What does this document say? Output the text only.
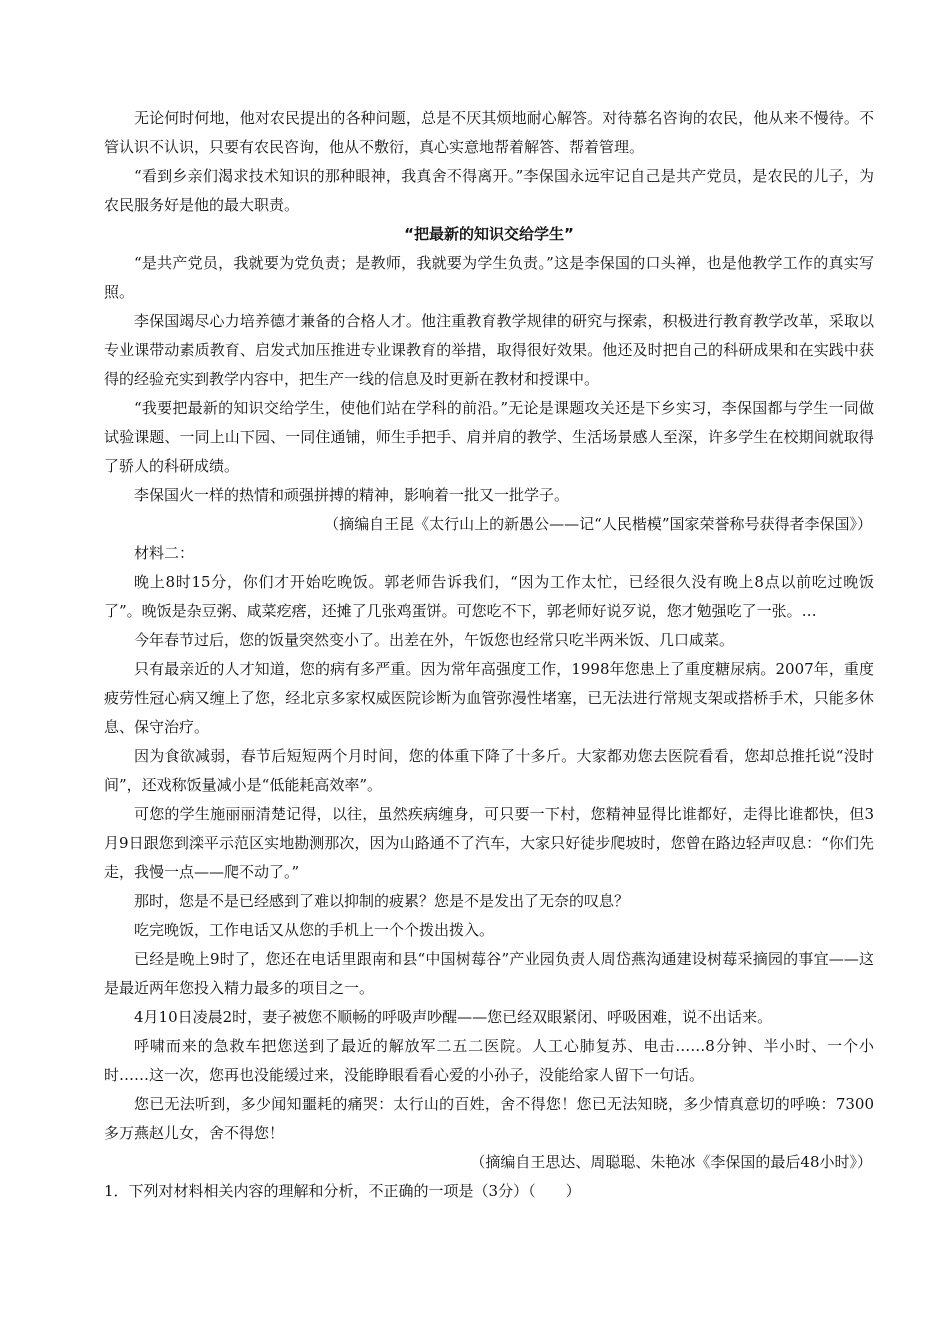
无论何时何地，他对农民提出的各种问题，总是不厌其烦地耐心解答。对待慕名咨询的农民，他从来不慢待。不管认识不认识，只要有农民咨询，他从不敷衍，真心实意地帮着解答、帮着管理。

“看到乡亲们渴求技术知识的那种眼神，我真舍不得离开。”李保国永远牢记自己是共产党员，是农民的儿子，为农民服务好是他的最大职责。

“把最新的知识交给学生”

“是共产党员，我就要为党负责；是教师，我就要为学生负责。”这是李保国的口头禅，也是他教学工作的真实写照。

李保国竭尽心力培养德才兼备的合格人才。他注重教育教学规律的研究与探索，积极进行教育教学改革，采取以专业课带动素质教育、启发式加压推进专业课教育的举措，取得很好效果。他还及时把自己的科研成果和在实践中获得的经验充实到教学内容中，把生产一线的信息及时更新在教材和授课中。

“我要把最新的知识交给学生，使他们站在学科的前沿。”无论是课题攻关还是下乡实习，李保国都与学生一同做试验课题、一同上山下园、一同住通铺，师生手把手、肩并肩的教学、生活场景感人至深，许多学生在校期间就取得了骄人的科研成绩。

李保国火一样的热情和顽强拼搏的精神，影响着一批又一批学子。

（摘编自王昆《太行山上的新愚公——记“人民楷模”国家荣誉称号获得者李保国》）

材料二：

晚上8时15分，你们才开始吃晚饭。郭老师告诉我们，“因为工作太忙，已经很久没有晚上8点以前吃过晚饭了”。晚饭是杂豆粥、咸菜疙瘩，还摊了几张鸡蛋饼。可您吃不下，郭老师好说歹说，您才勉强吃了一张。…

今年春节过后，您的饭量突然变小了。出差在外，午饭您也经常只吃半两米饭、几口咸菜。

只有最亲近的人才知道，您的病有多严重。因为常年高强度工作，1998年您患上了重度糖尿病。2007年，重度疲劳性冠心病又缠上了您，经北京多家权威医院诊断为血管弥漫性堵塞，已无法进行常规支架或搭桥手术，只能多休息、保守治疗。

因为食欲减弱，春节后短短两个月时间，您的体重下降了十多斤。大家都劝您去医院看看，您却总推托说“没时间”，还戏称饭量减小是“低能耗高效率”。

可您的学生施丽丽清楚记得，以往，虽然疾病缠身，可只要一下村，您精神显得比谁都好，走得比谁都快，但3月9日跟您到滦平示范区实地勘测那次，因为山路通不了汽车，大家只好徒步爬坡时，您曾在路边轻声叹息：“你们先走，我慢一点——爬不动了。”

那时，您是不是已经感到了难以抑制的疲累？您是不是发出了无奈的叹息？

吃完晚饭，工作电话又从您的手机上一个个拨出拨入。

已经是晚上9时了，您还在电话里跟南和县“中国树莓谷”产业园负责人周岱燕沟通建设树莓采摘园的事宜——这是最近两年您投入精力最多的项目之一。

4月10日凌晨2时，妻子被您不顺畅的呼吸声吵醒——您已经双眼紧闭、呼吸困难，说不出话来。

呼啸而来的急救车把您送到了最近的解放军二五二医院。人工心肺复苏、电击……8分钟、半小时、一个小时……这一次，您再也没能缓过来，没能睁眼看看心爱的小孙子，没能给家人留下一句话。

您已无法听到，多少闻知噩耗的痛哭：太行山的百姓，舍不得您！您已无法知晓，多少情真意切的呼唤：7300多万燕赵儿女，舍不得您！

（摘编自王思达、周聪聪、朱艳冰《李保国的最后48小时》）

1．下列对材料相关内容的理解和分析，不正确的一项是（3分）（　　）
